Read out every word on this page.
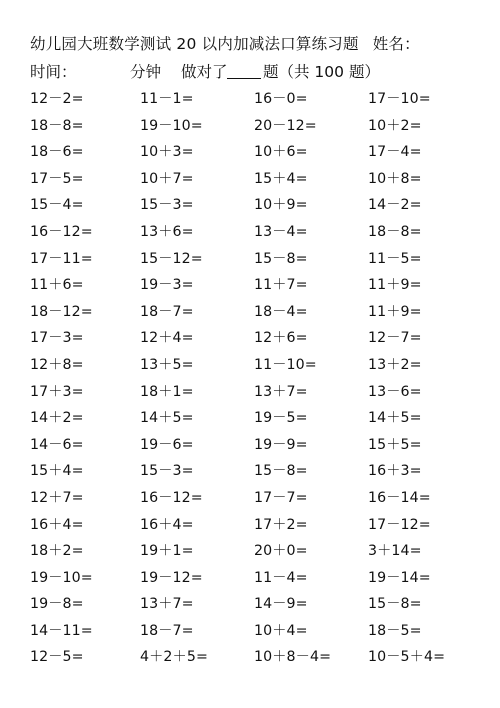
幼儿园大班数学测试 20 以内加减法口算练习题 姓名：
时间：	分钟 做对了 题（共 100 题）
12－2=	11－1=	16－0=	17－10=
18－8=	19－10=	20－12=	10＋2=
18－6=	10＋3=	10＋6=	17－4=
17－5=	10＋7=	15＋4=	10＋8=
15－4=	15－3=	10＋9=	14－2=
16－12=	13＋6=	13－4=	18－8=
17－11=	15－12=	15－8=	11－5=
11＋6=	19－3=	11＋7=	11＋9=
18－12=	18－7=	18－4=	11＋9=
17－3=	12＋4=	12＋6=	12－7=
12＋8=	13＋5=	11－10=	13＋2=
17＋3=	18＋1=	13＋7=	13－6=
14＋2=	14＋5=	19－5=	14＋5=
14－6=	19－6=	19－9=	15＋5=
15＋4=	15－3=	15－8=	16＋3=
12＋7=	16－12=	17－7=	16－14=
16＋4=	16＋4=	17＋2=	17－12=
18＋2=	19＋1=	20＋0=	3＋14=
19－10=	19－12=	11－4=	19－14=
19－8=	13＋7=	14－9=	15－8=
14－11=	18－7=	10＋4=	18－5=
12－5=	4＋2＋5=	10＋8－4=	10－5＋4=
